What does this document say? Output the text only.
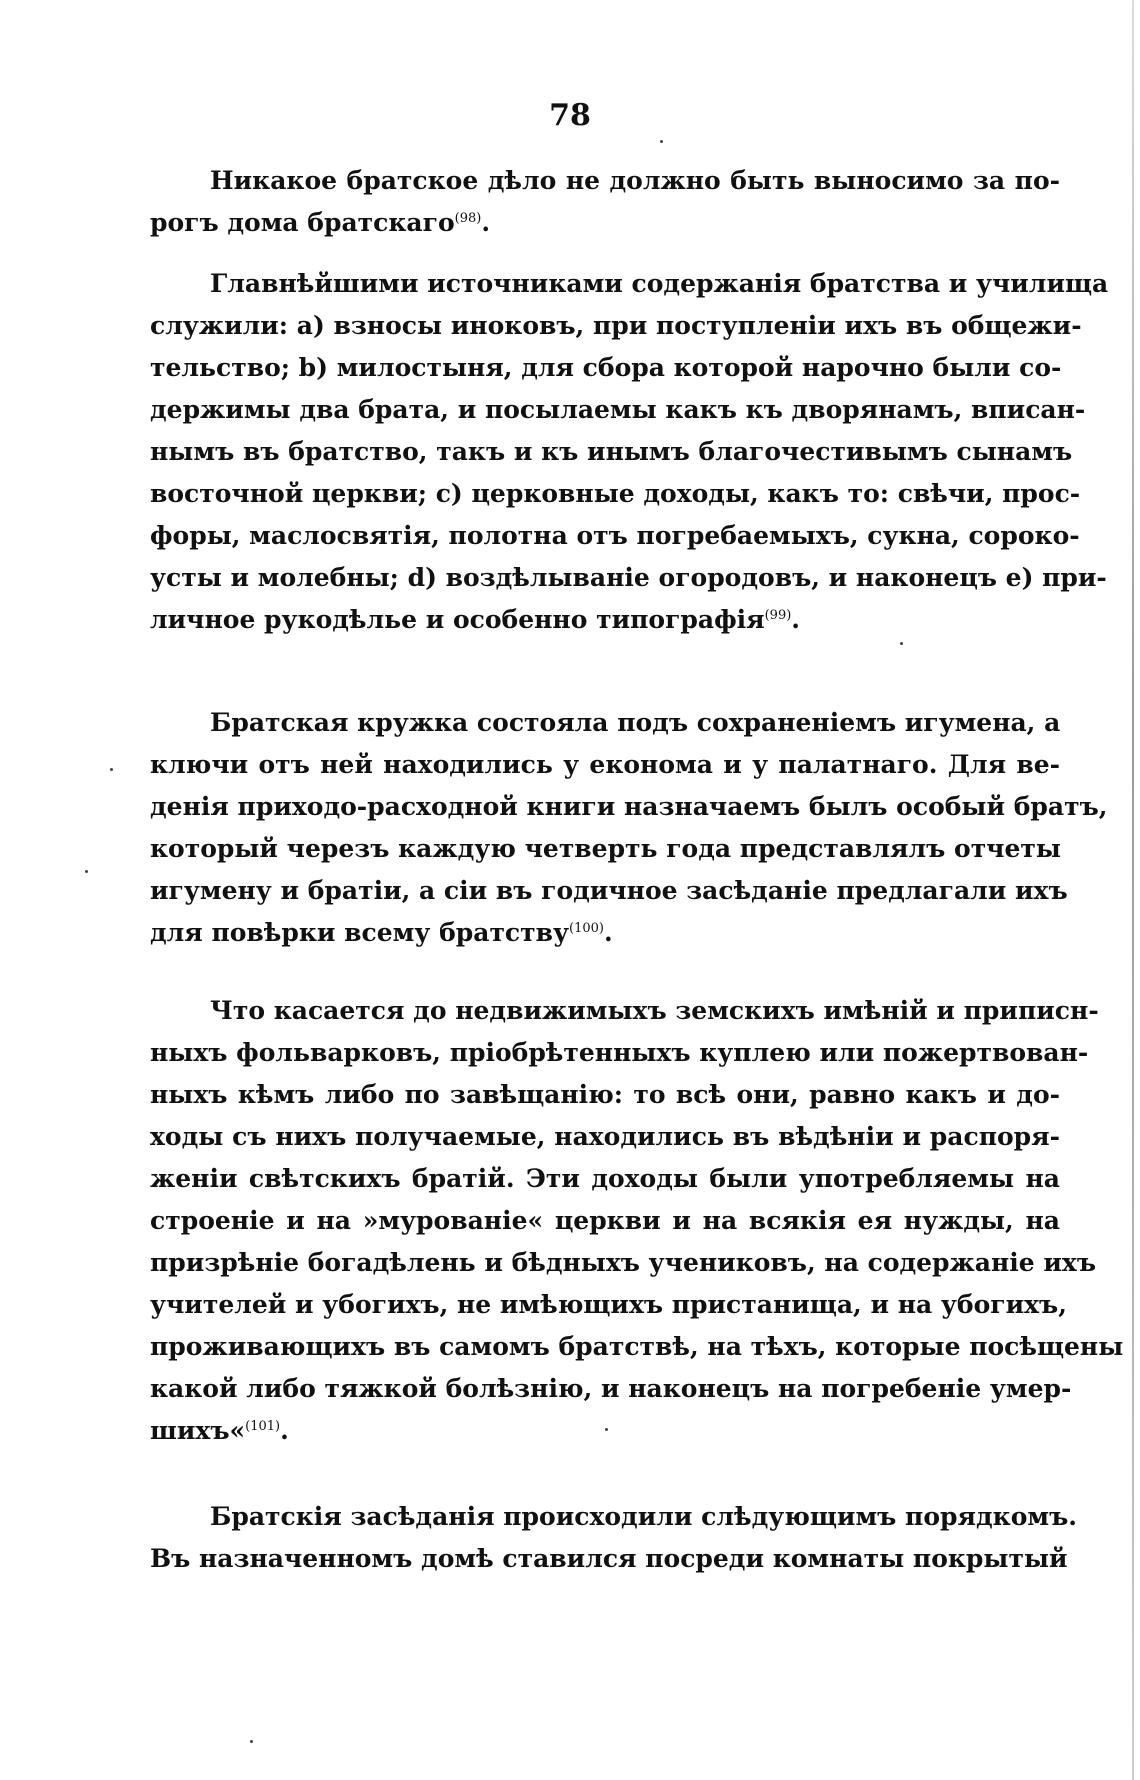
78

Никакое братское дѣло не должно быть выносимо за по-
рогъ дома братскаго$^{(98)}$.

Главнѣйшими источниками содержанія братства и училища
служили: a) взносы иноковъ, при поступленіи ихъ въ общежи-
тельство; b) милостыня, для сбора которой нарочно были со-
держимы два брата, и посылаемы какъ къ дворянамъ, вписан-
нымъ въ братство, такъ и къ инымъ благочестивымъ сынамъ
восточной церкви; c) церковные доходы, какъ то: свѣчи, прос-
форы, маслосвятія, полотна отъ погребаемыхъ, сукна, сороко-
усты и молебны; d) воздѣлываніе огородовъ, и наконецъ e) при-
личное рукодѣлье и особенно типографія$^{(99)}$.

Братская кружка состояла подъ сохраненіемъ игумена, а
ключи отъ ней находились у економа и у палатнаго. Для ве-
денія приходо-расходной книги назначаемъ былъ особый братъ,
который черезъ каждую четверть года представлялъ отчеты
игумену и братіи, а сіи въ годичное засѣданіе предлагали ихъ
для повѣрки всему братству$^{(100)}$.

Что касается до недвижимыхъ земскихъ имѣній и приписн-
ныхъ фольварковъ, пріобрѣтенныхъ куплею или пожертвован-
ныхъ кѣмъ либо по завѣщанію: то всѣ они, равно какъ и до-
ходы съ нихъ получаемые, находились въ вѣдѣніи и распоря-
женіи свѣтскихъ братій. Эти доходы были употребляемы на
строеніе и на »мурованіе« церкви и на всякія ея нужды, на
призрѣніе богадѣлень и бѣдныхъ учениковъ, на содержаніе ихъ
учителей и убогихъ, не имѣющихъ пристанища, и на убогихъ,
проживающихъ въ самомъ братствѣ, на тѣхъ, которые посѣщены
какой либо тяжкой болѣзнію, и наконецъ на погребеніе умер-
шихъ«$^{(101)}$.

Братскія засѣданія происходили слѣдующимъ порядкомъ.
Въ назначенномъ домѣ ставился посреди комнаты покрытый
